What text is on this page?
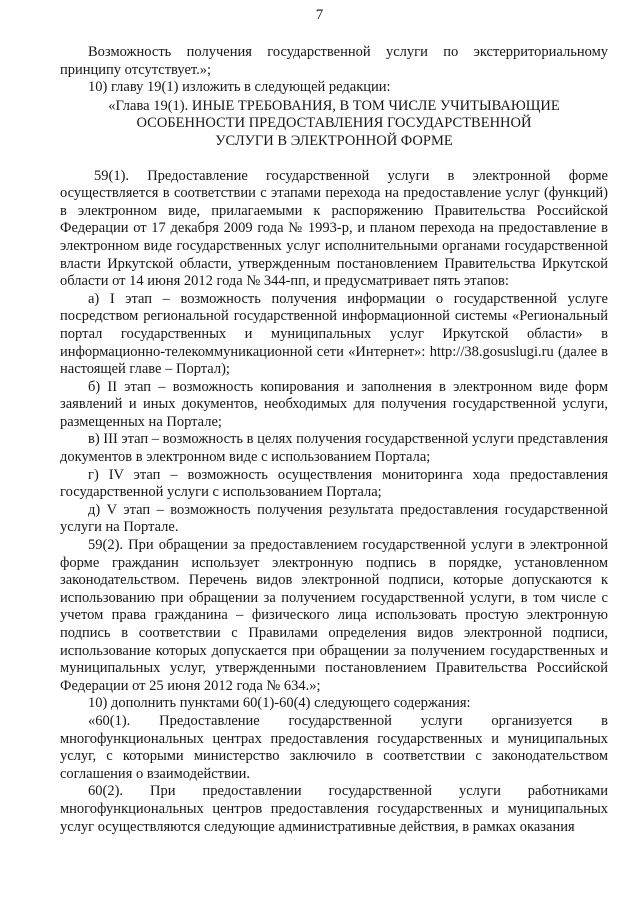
7

Возможность получения государственной услуги по экстерриториальному принципу отсутствует.»;

10) главу 19(1) изложить в следующей редакции:

«Глава 19(1). ИНЫЕ ТРЕБОВАНИЯ, В ТОМ ЧИСЛЕ УЧИТЫВАЮЩИЕ
ОСОБЕННОСТИ ПРЕДОСТАВЛЕНИЯ ГОСУДАРСТВЕННОЙ
УСЛУГИ В ЭЛЕКТРОННОЙ ФОРМЕ

59(1). Предоставление государственной услуги в электронной форме осуществляется в соответствии с этапами перехода на предоставление услуг (функций) в электронном виде, прилагаемыми к распоряжению Правительства Российской Федерации от 17 декабря 2009 года № 1993-р, и планом перехода на предоставление в электронном виде государственных услуг исполнительными органами государственной власти Иркутской области, утвержденным постановлением Правительства Иркутской области от 14 июня 2012 года № 344-пп, и предусматривает пять этапов:

а) I этап – возможность получения информации о государственной услуге посредством региональной государственной информационной системы «Региональный портал государственных и муниципальных услуг Иркутской области» в информационно-телекоммуникационной сети «Интернет»: http://38.gosuslugi.ru (далее в настоящей главе – Портал);

б) II этап – возможность копирования и заполнения в электронном виде форм заявлений и иных документов, необходимых для получения государственной услуги, размещенных на Портале;

в) III этап – возможность в целях получения государственной услуги представления документов в электронном виде с использованием Портала;

г) IV этап – возможность осуществления мониторинга хода предоставления государственной услуги с использованием Портала;

д) V этап – возможность получения результата предоставления государственной услуги на Портале.

59(2). При обращении за предоставлением государственной услуги в электронной форме гражданин использует электронную подпись в порядке, установленном законодательством. Перечень видов электронной подписи, которые допускаются к использованию при обращении за получением государственной услуги, в том числе с учетом права гражданина – физического лица использовать простую электронную подпись в соответствии с Правилами определения видов электронной подписи, использование которых допускается при обращении за получением государственных и муниципальных услуг, утвержденными постановлением Правительства Российской Федерации от 25 июня 2012 года № 634.»;

10) дополнить пунктами 60(1)-60(4) следующего содержания:

«60(1). Предоставление государственной услуги организуется в многофункциональных центрах предоставления государственных и муниципальных услуг, с которыми министерство заключило в соответствии с законодательством соглашения о взаимодействии.

60(2). При предоставлении государственной услуги работниками многофункциональных центров предоставления государственных и муниципальных услуг осуществляются следующие административные действия, в рамках оказания
